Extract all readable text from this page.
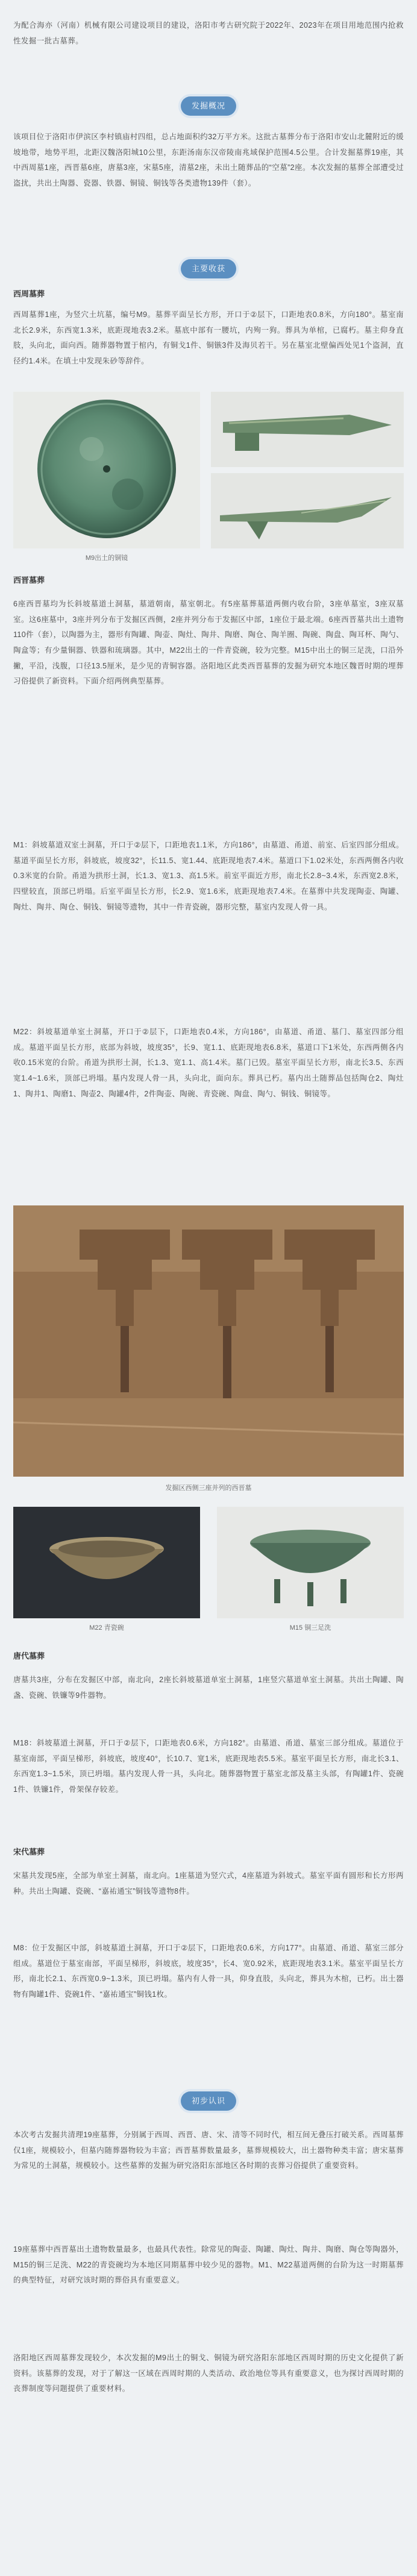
为配合海亦（河南）机械有限公司建设项目的建设，洛阳市考古研究院于2022年、2023年在项目用地范围内抢救性发掘一批古墓葬。

发掘概况

该项目位于洛阳市伊滨区李村镇庙村四组，总占地面积约32万平方米。这批古墓葬分布于洛阳市安山北麓附近的缓坡地带，地势平坦，北距汉魏洛阳城10公里，东距汤南东汉帝陵南兆域保护范围4.5公里。合计发掘墓葬19座，其中西周墓1座，西晋墓6座，唐墓3座，宋墓5座，清墓2座，未出土随葬品的“空墓”2座。本次发掘的墓葬全部遭受过盗扰，共出土陶器、瓷器、铁器、铜镜、铜钱等各类遗物139件（套）。

主要收获
西周墓葬

西周墓葬1座，为竖穴土坑墓，编号M9。墓葬平面呈长方形，开口于②层下，口距地表0.8米，方向180°。墓室南北长2.9米，东西宽1.3米，底距现地表3.2米。墓底中部有一腰坑，内殉一狗。葬具为单棺，已腐朽。墓主仰身直肢，头向北，面向西。随葬器物置于棺内，有铜戈1件、铜镞3件及海贝若干。另在墓室北壁偏西处见1个盗洞，直径约1.4米。在填土中发现朱砂等辞件。

M9出土的铜镜
西晋墓葬

6座西晋墓均为长斜坡墓道土洞墓，墓道朝南，墓室朝北。有5座墓葬墓道两侧内收台阶，3座单墓室，3座双墓室。这6座墓中，3座并列分布于发掘区西侧，2座并列分布于发掘区中部，1座位于最北端。6座西晋墓共出土遗物110件（套），以陶器为主，器形有陶罐、陶壶、陶灶、陶井、陶磨、陶仓、陶羊圈、陶碗、陶盘、陶耳杯、陶勺、陶盒等；有少量铜器、铁器和琉璃器。其中，M22出土的一件青瓷碗，较为完整。M15中出土的铜三足洗，口沿外撇，平沿，浅腹，口径13.5厘米，是少见的青铜容器。洛阳地区此类西晋墓葬的发掘为研究本地区魏晋时期的埋葬习俗提供了新资料。下面介绍两例典型墓葬。

M1：斜坡墓道双室土洞墓，开口于②层下，口距地表1.1米，方向186°，由墓道、甬道、前室、后室四部分组成。墓道平面呈长方形，斜坡底，坡度32°，长11.5、宽1.44、底距现地表7.4米。墓道口下1.02米处，东西两侧各内收0.3米宽的台阶。甬道为拱形土洞，长1.3、宽1.3、高1.5米。前室平面近方形，南北长2.8~3.4米，东西宽2.8米，四壁较直，顶部已坍塌。后室平面呈长方形，长2.9、宽1.6米，底距现地表7.4米。在墓葬中共发现陶壶、陶罐、陶灶、陶井、陶仓、铜钱、铜镜等遗物，其中一件青瓷碗，器形完整，墓室内发现人骨一具。

M22：斜坡墓道单室土洞墓，开口于②层下，口距地表0.4米，方向186°，由墓道、甬道、墓门、墓室四部分组成。墓道平面呈长方形，底部为斜坡，坡度35°，长9、宽1.1、底距现地表6.8米，墓道口下1米处，东西两侧各内收0.15米宽的台阶。甬道为拱形土洞，长1.3、宽1.1、高1.4米。墓门已毁。墓室平面呈长方形，南北长3.5、东西宽1.4~1.6米，顶部已坍塌。墓内发现人骨一具，头向北，面向东。葬具已朽。墓内出土随葬品包括陶仓2、陶灶1、陶井1、陶磨1、陶壶2、陶罐4件，2件陶壶、陶碗、青瓷碗、陶盘、陶勺、铜钱、铜镜等。

发掘区西侧三座并列的西晋墓
M22 青瓷碗	M15 铜三足洗
唐代墓葬

唐墓共3座，分布在发掘区中部，南北向，2座长斜坡墓道单室土洞墓，1座竖穴墓道单室土洞墓。共出土陶罐、陶盏、瓷碗、铁镰等9件器物。

M18：斜坡墓道土洞墓，开口于②层下，口距地表0.6米，方向182°。由墓道、甬道、墓室三部分组成。墓道位于墓室南部，平面呈梯形，斜坡底，坡度40°，长10.7、宽1米，底距现地表5.5米。墓室平面呈长方形，南北长3.1、东西宽1.3~1.5米，顶已坍塌。墓内发现人骨一具，头向北。随葬器物置于墓室北部及墓主头部，有陶罐1件、瓷碗1件、铁镰1件，骨架保存较差。

宋代墓葬

宋墓共发现5座，全部为单室土洞墓，南北向。1座墓道为竖穴式，4座墓道为斜坡式。墓室平面有圆形和长方形两种。共出土陶罐、瓷碗、“嘉祐通宝”铜钱等遗物8件。

M8：位于发掘区中部，斜坡墓道土洞墓，开口于②层下，口距地表0.6米，方向177°。由墓道、甬道、墓室三部分组成。墓道位于墓室南部，平面呈梯形，斜坡底，坡度35°，长4、宽0.92米，底距现地表3.1米。墓室平面呈长方形，南北长2.1、东西宽0.9~1.3米，顶已坍塌。墓内有人骨一具，仰身直肢，头向北，葬具为木棺，已朽。出土器物有陶罐1件、瓷碗1件、“嘉祐通宝”铜钱1枚。

初步认识

本次考古发掘共清理19座墓葬，分别属于西周、西晋、唐、宋、清等不同时代，相互间无叠压打破关系。西周墓葬仅1座，规模较小，但墓内随葬器物较为丰富；西晋墓葬数量最多，墓葬规模较大，出土器物种类丰富；唐宋墓葬为常见的土洞墓，规模较小。这些墓葬的发掘为研究洛阳东部地区各时期的丧葬习俗提供了重要资料。

19座墓葬中西晋墓出土遗物数量最多，也最具代表性。除常见的陶壶、陶罐、陶灶、陶井、陶磨、陶仓等陶器外，M15的铜三足洗、M22的青瓷碗均为本地区同期墓葬中较少见的器物。M1、M22墓道两侧的台阶为这一时期墓葬的典型特征，对研究该时期的葬俗具有重要意义。

洛阳地区西周墓葬发现较少，本次发掘的M9出土的铜戈、铜镜为研究洛阳东部地区西周时期的历史文化提供了新资料。该墓葬的发现，对于了解这一区域在西周时期的人类活动、政治地位等具有重要意义，也为探讨西周时期的丧葬制度等问题提供了重要材料。
